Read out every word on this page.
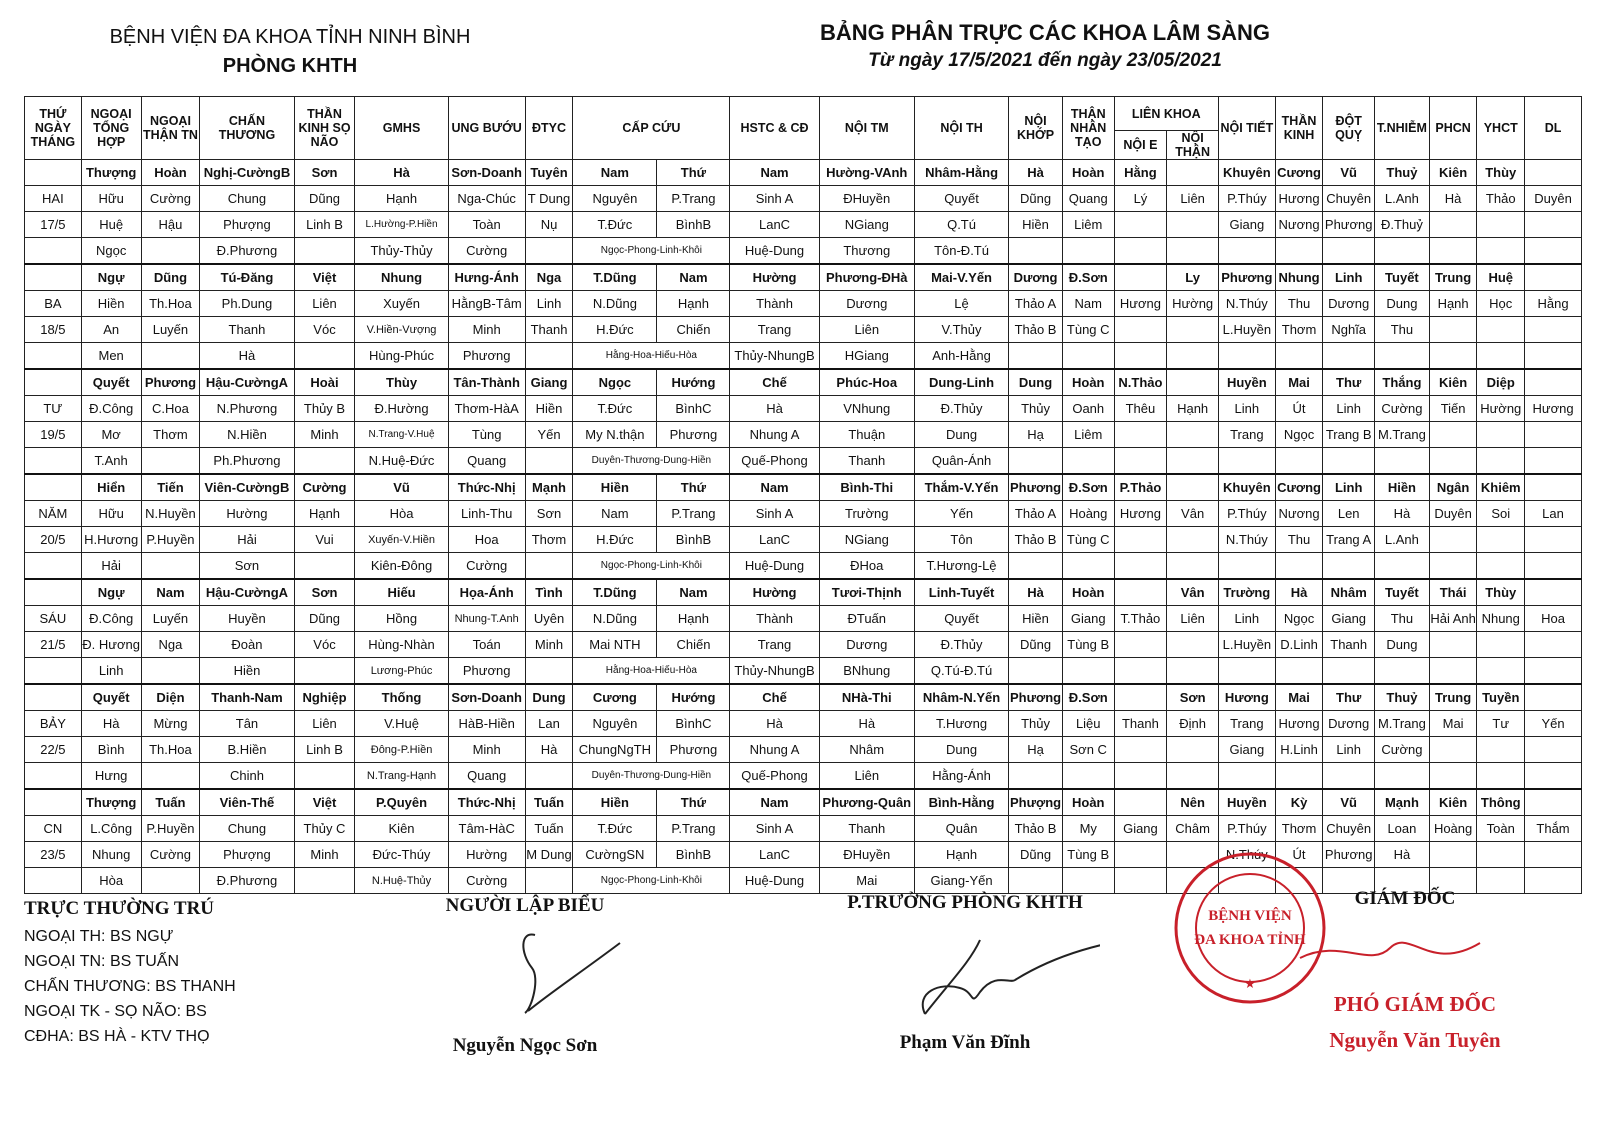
BỆNH VIỆN ĐA KHOA TỈNH NINH BÌNH
PHÒNG KHTH
BẢNG PHÂN TRỰC CÁC KHOA LÂM SÀNG
Từ ngày 17/5/2021 đến ngày 23/05/2021
THỨ NGÀY THÁNG	NGOẠI TỔNG HỢP	NGOẠI THẬN TN	CHẤN THƯƠNG	THẦN KINH SỌ NÃO	GMHS	UNG BƯỚU	ĐTYC	CẤP CỨU		HSTC & CĐ	NỘI TM	NỘI TH	NỘI KHỚP	THẬN NHÂN TẠO	LIÊN KHOA		NỘI TIẾT	THẦN KINH	ĐỘT QUỴ	T.NHIỄM	PHCN	YHCT	DL
															NỘI E	NỘI THẬN							
	Thượng	Hoàn	Nghị-CườngB	Sơn	Hà	Sơn-Doanh	Tuyên	Nam	Thứ	Nam	Hường-VAnh	Nhâm-Hằng	Hà	Hoàn	Hằng		Khuyên	Cương	Vũ	Thuỷ	Kiên	Thùy	
HAI	Hữu	Cường	Chung	Dũng	Hạnh	Nga-Chúc	T Dung	Nguyên	P.Trang	Sinh A	ĐHuyền	Quyết	Dũng	Quang	Lý	Liên	P.Thúy	Hương	Chuyên	L.Anh	Hà	Thảo	Duyên
17/5	Huệ	Hậu	Phượng	Linh B	L.Hường-P.Hiền	Toàn	Nụ	T.Đức	BìnhB	LanC	NGiang	Q.Tú	Hiền	Liêm			Giang	Nương	Phương	Đ.Thuỷ			
	Ngọc		Đ.Phương		Thủy-Thủy	Cường		Ngọc-Phong-Linh-Khôi		Huệ-Dung	Thương	Tôn-Đ.Tú											
	Ngự	Dũng	Tú-Đăng	Việt	Nhung	Hưng-Ánh	Nga	T.Dũng	Nam	Hường	Phương-ĐHà	Mai-V.Yến	Dương	Đ.Sơn		Ly	Phương	Nhung	Linh	Tuyết	Trung	Huệ	
BA	Hiền	Th.Hoa	Ph.Dung	Liên	Xuyến	HằngB-Tâm	Linh	N.Dũng	Hạnh	Thành	Dương	Lệ	Thảo A	Nam	Hương	Hường	N.Thúy	Thu	Dương	Dung	Hạnh	Học	Hằng
18/5	An	Luyến	Thanh	Vóc	V.Hiền-Vượng	Minh	Thanh	H.Đức	Chiến	Trang	Liên	V.Thủy	Thảo B	Tùng C			L.Huyền	Thơm	Nghĩa	Thu			
	Men		Hà		Hùng-Phúc	Phương		Hằng-Hoa-Hiếu-Hòa		Thủy-NhungB	HGiang	Anh-Hằng											
	Quyết	Phương	Hậu-CườngA	Hoài	Thùy	Tân-Thành	Giang	Ngọc	Hướng	Chế	Phúc-Hoa	Dung-Linh	Dung	Hoàn	N.Thảo		Huyền	Mai	Thư	Thắng	Kiên	Diệp	
TƯ	Đ.Công	C.Hoa	N.Phương	Thủy B	Đ.Hường	Thơm-HàA	Hiền	T.Đức	BìnhC	Hà	VNhung	Đ.Thủy	Thủy	Oanh	Thêu	Hạnh	Linh	Út	Linh	Cường	Tiến	Hường	Hương
19/5	Mơ	Thơm	N.Hiền	Minh	N.Trang-V.Huệ	Tùng	Yến	My N.thận	Phương	Nhung A	Thuận	Dung	Hạ	Liêm			Trang	Ngọc	Trang B	M.Trang			
	T.Anh		Ph.Phương		N.Huệ-Đức	Quang		Duyên-Thương-Dung-Hiền		Quế-Phong	Thanh	Quân-Ánh											
	Hiển	Tiến	Viên-CườngB	Cường	Vũ	Thức-Nhị	Mạnh	Hiền	Thứ	Nam	Bình-Thi	Thắm-V.Yến	Phương	Đ.Sơn	P.Thảo		Khuyên	Cương	Linh	Hiền	Ngân	Khiêm	
NĂM	Hữu	N.Huyền	Hường	Hạnh	Hòa	Linh-Thu	Sơn	Nam	P.Trang	Sinh A	Trường	Yến	Thảo A	Hoàng	Hương	Vân	P.Thúy	Nương	Len	Hà	Duyên	Soi	Lan
20/5	H.Hương	P.Huyền	Hải	Vui	Xuyến-V.Hiền	Hoa	Thơm	H.Đức	BìnhB	LanC	NGiang	Tôn	Thảo B	Tùng C			N.Thúy	Thu	Trang A	L.Anh			
	Hải		Sơn		Kiên-Đông	Cường		Ngọc-Phong-Linh-Khôi		Huệ-Dung	ĐHoa	T.Hương-Lệ											
	Ngự	Nam	Hậu-CườngA	Sơn	Hiếu	Họa-Ánh	Tình	T.Dũng	Nam	Hường	Tươi-Thịnh	Linh-Tuyết	Hà	Hoàn		Vân	Trường	Hà	Nhâm	Tuyết	Thái	Thùy	
SÁU	Đ.Công	Luyến	Huyền	Dũng	Hồng	Nhung-T.Anh	Uyên	N.Dũng	Hạnh	Thành	ĐTuấn	Quyết	Hiền	Giang	T.Thảo	Liên	Linh	Ngọc	Giang	Thu	Hải Anh	Nhung	Hoa
21/5	Đ. Hương	Nga	Đoàn	Vóc	Hùng-Nhàn	Toán	Minh	Mai NTH	Chiến	Trang	Dương	Đ.Thủy	Dũng	Tùng B			L.Huyền	D.Linh	Thanh	Dung			
	Linh		Hiền		Lương-Phúc	Phương		Hằng-Hoa-Hiếu-Hòa		Thủy-NhungB	BNhung	Q.Tú-Đ.Tú											
	Quyết	Diện	Thanh-Nam	Nghiệp	Thống	Sơn-Doanh	Dung	Cương	Hướng	Chế	NHà-Thi	Nhâm-N.Yến	Phương	Đ.Sơn		Sơn	Hương	Mai	Thư	Thuỷ	Trung	Tuyền	
BẢY	Hà	Mừng	Tân	Liên	V.Huệ	HàB-Hiền	Lan	Nguyên	BìnhC	Hà	Hà	T.Hương	Thủy	Liệu	Thanh	Định	Trang	Hương	Dương	M.Trang	Mai	Tư	Yến
22/5	Bình	Th.Hoa	B.Hiền	Linh B	Đông-P.Hiền	Minh	Hà	ChungNgTH	Phương	Nhung A	Nhâm	Dung	Hạ	Sơn C			Giang	H.Linh	Linh	Cường			
	Hưng		Chinh		N.Trang-Hạnh	Quang		Duyên-Thương-Dung-Hiền		Quế-Phong	Liên	Hằng-Ánh											
	Thượng	Tuấn	Viên-Thế	Việt	P.Quyên	Thức-Nhị	Tuấn	Hiền	Thứ	Nam	Phương-Quân	Bình-Hằng	Phượng	Hoàn		Nên	Huyền	Kỳ	Vũ	Mạnh	Kiên	Thông	
CN	L.Công	P.Huyền	Chung	Thủy C	Kiên	Tâm-HàC	Tuấn	T.Đức	P.Trang	Sinh A	Thanh	Quân	Thảo B	My	Giang	Châm	P.Thúy	Thơm	Chuyên	Loan	Hoàng	Toàn	Thắm
23/5	Nhung	Cường	Phượng	Minh	Đức-Thúy	Hường	M Dung	CườngSN	BìnhB	LanC	ĐHuyền	Hạnh	Dũng	Tùng B			N.Thúy	Út	Phương	Hà			
	Hòa		Đ.Phương		N.Huệ-Thủy	Cường		Ngọc-Phong-Linh-Khôi		Huệ-Dung	Mai	Giang-Yến											
TRỰC THƯỜNG TRÚ
NGOẠI TH: BS NGỰ
NGOẠI TN: BS TUẤN
CHẤN THƯƠNG: BS THANH
NGOẠI TK - SỌ NÃO: BS
CĐHA: BS HÀ - KTV THỌ
NGƯỜI LẬP BIỂU
Nguyễn Ngọc Sơn
P.TRƯỞNG PHÒNG KHTH
Phạm Văn Đĩnh
BỆNH VIỆN
ĐA KHOA TỈNH
★
GIÁM ĐỐC
PHÓ GIÁM ĐỐC
Nguyễn Văn Tuyên
